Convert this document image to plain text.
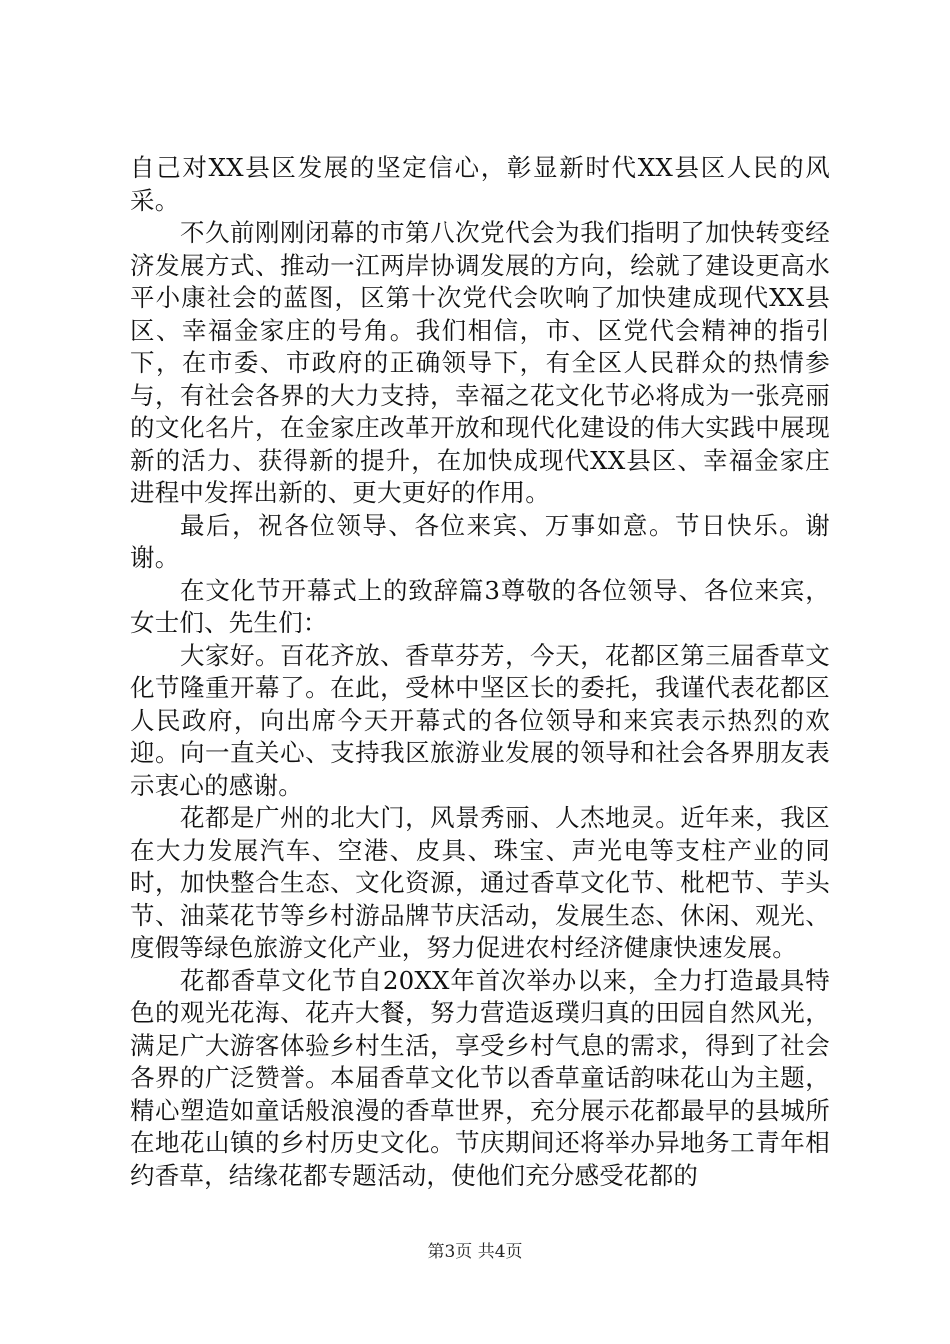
自己对XX县区发展的坚定信心，彰显新时代XX县区人民的风采。

不久前刚刚闭幕的市第八次党代会为我们指明了加快转变经济发展方式、推动一江两岸协调发展的方向，绘就了建设更高水平小康社会的蓝图，区第十次党代会吹响了加快建成现代XX县区、幸福金家庄的号角。我们相信，市、区党代会精神的指引下，在市委、市政府的正确领导下，有全区人民群众的热情参与，有社会各界的大力支持，幸福之花文化节必将成为一张亮丽的文化名片，在金家庄改革开放和现代化建设的伟大实践中展现新的活力、获得新的提升，在加快成现代XX县区、幸福金家庄进程中发挥出新的、更大更好的作用。

最后，祝各位领导、各位来宾、万事如意。节日快乐。谢谢。

在文化节开幕式上的致辞篇3尊敬的各位领导、各位来宾，女士们、先生们：

大家好。百花齐放、香草芬芳，今天，花都区第三届香草文化节隆重开幕了。在此，受林中坚区长的委托，我谨代表花都区人民政府，向出席今天开幕式的各位领导和来宾表示热烈的欢迎。向一直关心、支持我区旅游业发展的领导和社会各界朋友表示衷心的感谢。

花都是广州的北大门，风景秀丽、人杰地灵。近年来，我区在大力发展汽车、空港、皮具、珠宝、声光电等支柱产业的同时，加快整合生态、文化资源，通过香草文化节、枇杷节、芋头节、油菜花节等乡村游品牌节庆活动，发展生态、休闲、观光、度假等绿色旅游文化产业，努力促进农村经济健康快速发展。

花都香草文化节自20XX年首次举办以来，全力打造最具特色的观光花海、花卉大餐，努力营造返璞归真的田园自然风光，满足广大游客体验乡村生活，享受乡村气息的需求，得到了社会各界的广泛赞誉。本届香草文化节以香草童话韵味花山为主题，精心塑造如童话般浪漫的香草世界，充分展示花都最早的县城所在地花山镇的乡村历史文化。节庆期间还将举办异地务工青年相约香草，结缘花都专题活动，使他们充分感受花都的

第3页 共4页
